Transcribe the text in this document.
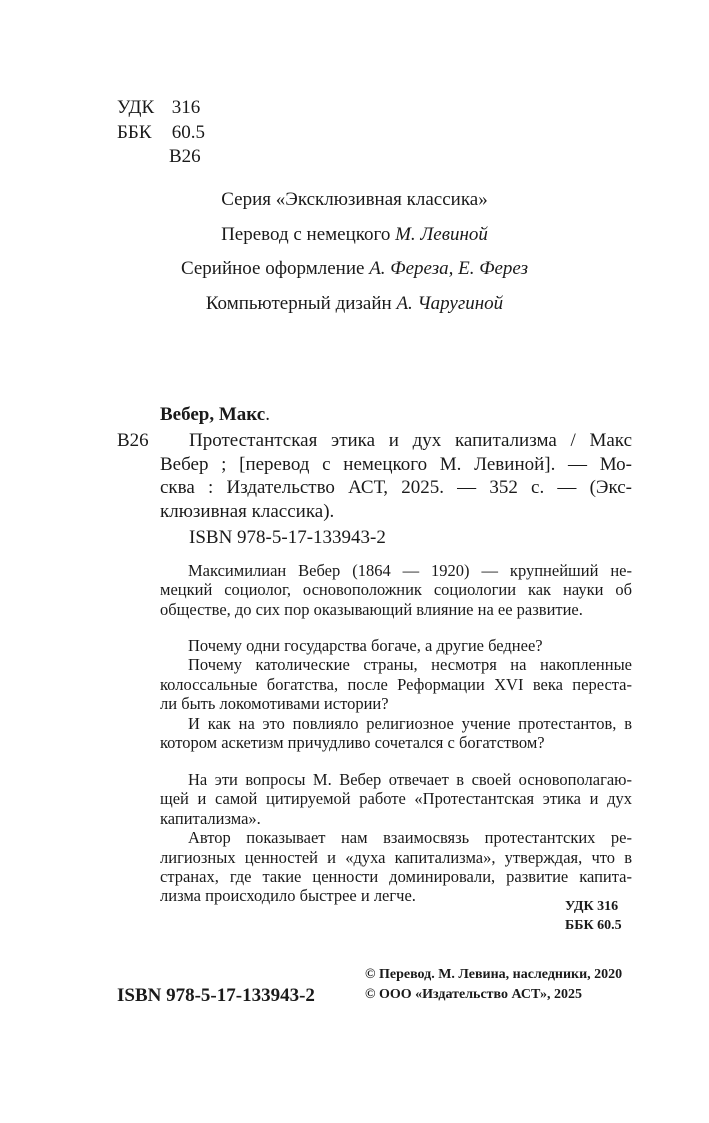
УДК 316
ББК 60.5
В26
Серия «Эксклюзивная классика»
Перевод с немецкого М. Левиной
Серийное оформление А. Фереза, Е. Ферез
Компьютерный дизайн А. Чаругиной
Вебер, Макс.
В26	Протестантская этика и дух капитализма / Макс
Вебер ; [перевод с немецкого М. Левиной]. — Мо-
сква : Издательство АСТ, 2025. — 352 с. — (Экс-
клюзивная классика).
ISBN 978-5-17-133943-2
Максимилиан Вебер (1864 — 1920) — крупнейший не-
мецкий социолог, основоположник социологии как науки об
обществе, до сих пор оказывающий влияние на ее развитие.
Почему одни государства богаче, а другие беднее?
Почему католические страны, несмотря на накопленные
колоссальные богатства, после Реформации XVI века переста-
ли быть локомотивами истории?
И как на это повлияло религиозное учение протестантов, в
котором аскетизм причудливо сочетался с богатством?
На эти вопросы М. Вебер отвечает в своей основополагаю-
щей и самой цитируемой работе «Протестантская этика и дух
капитализма».
Автор показывает нам взаимосвязь протестантских ре-
лигиозных ценностей и «духа капитализма», утверждая, что в
странах, где такие ценности доминировали, развитие капита-
лизма происходило быстрее и легче.
УДК 316
ББК 60.5
ISBN 978-5-17-133943-2
© Перевод. М. Левина, наследники, 2020
© ООО «Издательство АСТ», 2025
